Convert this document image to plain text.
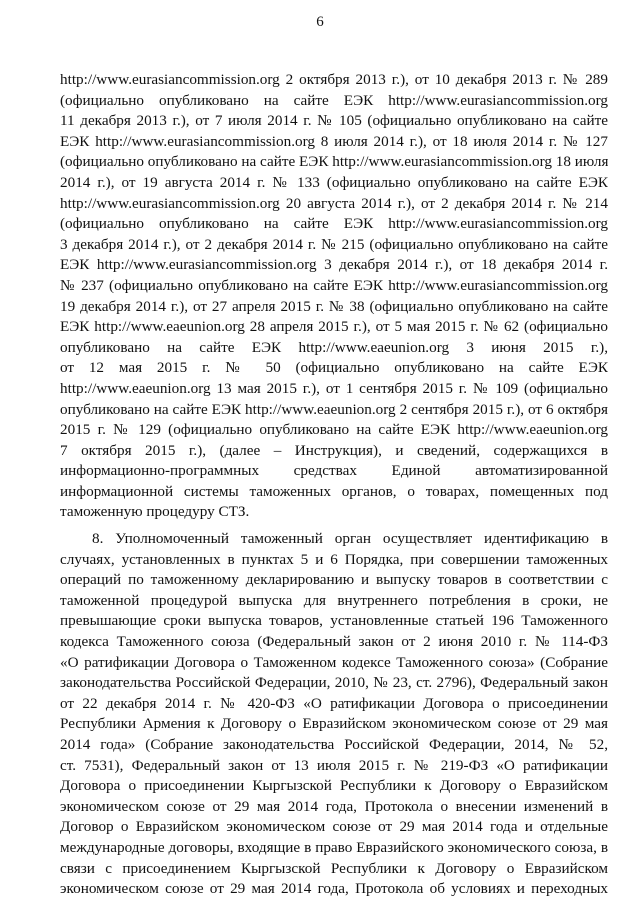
6
http://www.eurasiancommission.org 2 октября 2013 г.), от 10 декабря 2013 г. № 289
(официально опубликовано на сайте ЕЭК http://www.eurasiancommission.org
11 декабря 2013 г.), от 7 июля 2014 г. № 105 (официально опубликовано на сайте
ЕЭК http://www.eurasiancommission.org 8 июля 2014 г.), от 18 июля 2014 г. № 127
(официально опубликовано на сайте ЕЭК http://www.eurasiancommission.org 18 июля
2014 г.), от 19 августа 2014 г. № 133 (официально опубликовано на сайте ЕЭК
http://www.eurasiancommission.org 20 августа 2014 г.), от 2 декабря 2014 г. № 214
(официально опубликовано на сайте ЕЭК http://www.eurasiancommission.org
3 декабря 2014 г.), от 2 декабря 2014 г. № 215 (официально опубликовано на сайте
ЕЭК http://www.eurasiancommission.org 3 декабря 2014 г.), от 18 декабря 2014 г.
№ 237 (официально опубликовано на сайте ЕЭК http://www.eurasiancommission.org
19 декабря 2014 г.), от 27 апреля 2015 г. № 38 (официально опубликовано на сайте
ЕЭК http://www.eaeunion.org 28 апреля 2015 г.), от 5 мая 2015 г. № 62 (официально
опубликовано на сайте ЕЭК http://www.eaeunion.org 3 июня 2015 г.),
от 12 мая 2015 г. № 50 (официально опубликовано на сайте ЕЭК
http://www.eaeunion.org 13 мая 2015 г.), от 1 сентября 2015 г. № 109 (официально
опубликовано на сайте ЕЭК http://www.eaeunion.org 2 сентября 2015 г.), от 6 октября
2015 г. № 129 (официально опубликовано на сайте ЕЭК http://www.eaeunion.org
7 октября 2015 г.), (далее – Инструкция), и сведений, содержащихся в
информационно-программных средствах Единой автоматизированной
информационной системы таможенных органов, о товарах, помещенных под
таможенную процедуру СТЗ.
8. Уполномоченный таможенный орган осуществляет идентификацию в
случаях, установленных в пунктах 5 и 6 Порядка, при совершении таможенных
операций по таможенному декларированию и выпуску товаров в соответствии с
таможенной процедурой выпуска для внутреннего потребления в сроки, не
превышающие сроки выпуска товаров, установленные статьей 196 Таможенного
кодекса Таможенного союза (Федеральный закон от 2 июня 2010 г. № 114-ФЗ
«О ратификации Договора о Таможенном кодексе Таможенного союза» (Собрание
законодательства Российской Федерации, 2010, № 23, ст. 2796), Федеральный закон
от 22 декабря 2014 г. № 420-ФЗ «О ратификации Договора о присоединении
Республики Армения к Договору о Евразийском экономическом союзе от 29 мая
2014 года» (Собрание законодательства Российской Федерации, 2014, № 52,
ст. 7531), Федеральный закон от 13 июля 2015 г. № 219-ФЗ «О ратификации
Договора о присоединении Кыргызской Республики к Договору о Евразийском
экономическом союзе от 29 мая 2014 года, Протокола о внесении изменений в
Договор о Евразийском экономическом союзе от 29 мая 2014 года и отдельные
международные договоры, входящие в право Евразийского экономического союза, в
связи с присоединением Кыргызской Республики к Договору о Евразийском
экономическом союзе от 29 мая 2014 года, Протокола об условиях и переходных
